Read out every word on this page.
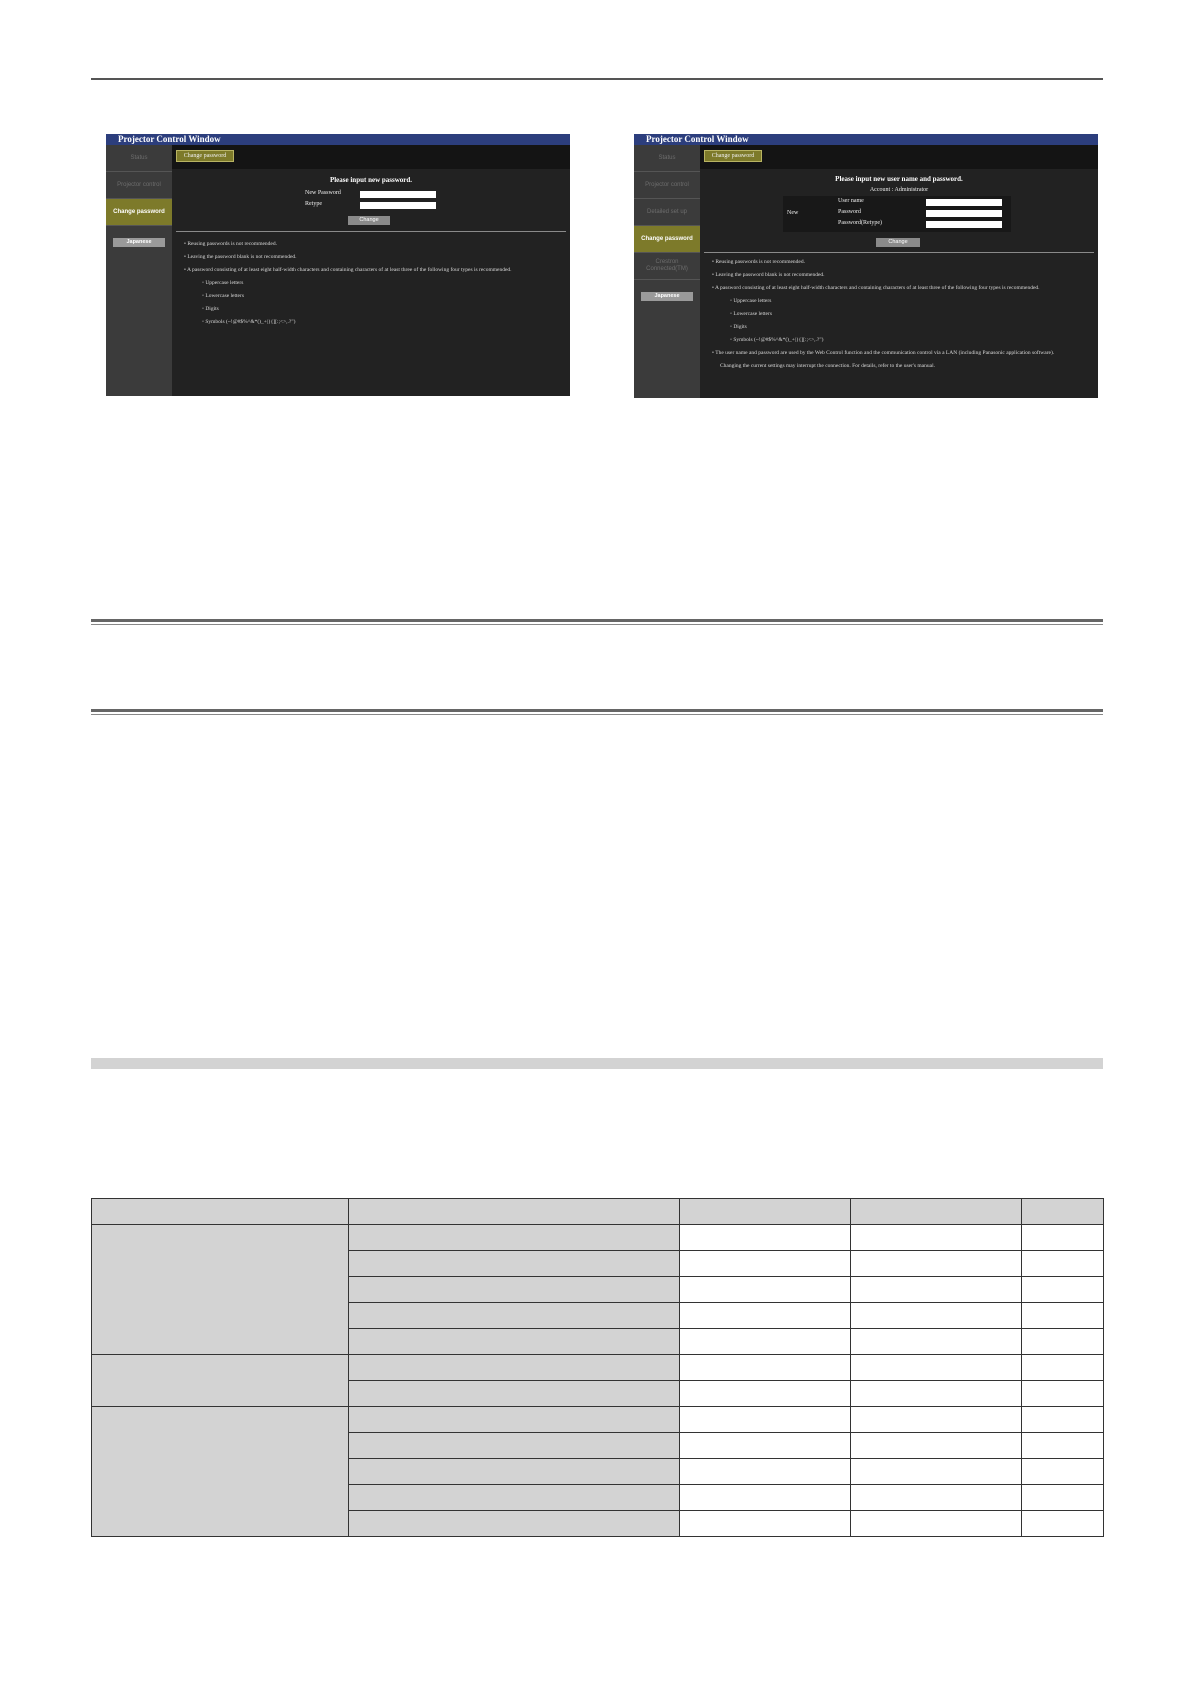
Projector Control Window
Status
Projector control
Change password
Japanese
Change password
Please input new password.
New Password
Retype
Change
• Reusing passwords is not recommended.
• Leaving the password blank is not recommended.
• A password consisting of at least eight half-width characters and containing characters of at least three of the following four types is recommended.
◦ Uppercase letters
◦ Lowercase letters
◦ Digits
◦ Symbols (~!@#$%^&*()_+|}{][:;<>,.?")
Projector Control Window
Status
Projector control
Detailed set up
Change password
Crestron Connected(TM)
Japanese
Change password
Please input new user name and password.
Account : Administrator
New
User name
Password
Password(Retype)
Change
• Reusing passwords is not recommended.
• Leaving the password blank is not recommended.
• A password consisting of at least eight half-width characters and containing characters of at least three of the following four types is recommended.
◦ Uppercase letters
◦ Lowercase letters
◦ Digits
◦ Symbols (~!@#$%^&*()_+|}{][:;<>,.?")
• The user name and password are used by the Web Control function and the communication control via a LAN (including Panasonic application software).
Changing the current settings may interrupt the connection. For details, refer to the user's manual.
